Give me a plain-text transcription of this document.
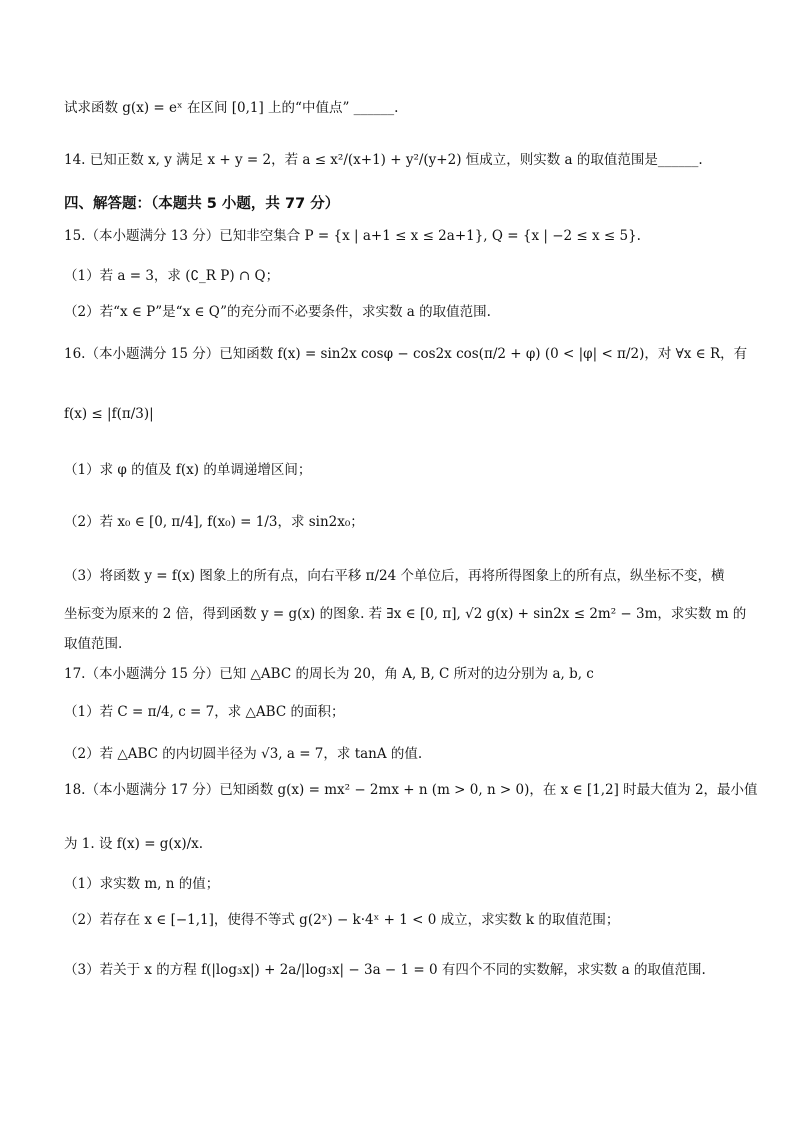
试求函数 g(x) = eˣ 在区间 [0,1] 上的“中值点” ______.
14. 已知正数 x, y 满足 x + y = 2，若 a ≤ x²/(x+1) + y²/(y+2) 恒成立，则实数 a 的取值范围是______.
四、解答题：（本题共 5 小题，共 77 分）
15.（本小题满分 13 分）已知非空集合 P = {x | a+1 ≤ x ≤ 2a+1}, Q = {x | −2 ≤ x ≤ 5}.
（1）若 a = 3，求 (∁_R P) ∩ Q；
（2）若“x ∈ P”是“x ∈ Q”的充分而不必要条件，求实数 a 的取值范围.
16.（本小题满分 15 分）已知函数 f(x) = sin2x cosφ − cos2x cos(π/2 + φ) (0 < |φ| < π/2)，对 ∀x ∈ R，有
f(x) ≤ |f(π/3)|
（1）求 φ 的值及 f(x) 的单调递增区间；
（2）若 x₀ ∈ [0, π/4], f(x₀) = 1/3，求 sin2x₀；
（3）将函数 y = f(x) 图象上的所有点，向右平移 π/24 个单位后，再将所得图象上的所有点，纵坐标不变，横
坐标变为原来的 2 倍，得到函数 y = g(x) 的图象. 若 ∃x ∈ [0, π], √2 g(x) + sin2x ≤ 2m² − 3m，求实数 m 的
取值范围.
17.（本小题满分 15 分）已知 △ABC 的周长为 20，角 A, B, C 所对的边分别为 a, b, c
（1）若 C = π/4, c = 7，求 △ABC 的面积；
（2）若 △ABC 的内切圆半径为 √3, a = 7，求 tanA 的值.
18.（本小题满分 17 分）已知函数 g(x) = mx² − 2mx + n (m > 0, n > 0)，在 x ∈ [1,2] 时最大值为 2，最小值
为 1. 设 f(x) = g(x)/x.
（1）求实数 m, n 的值；
（2）若存在 x ∈ [−1,1]，使得不等式 g(2ˣ) − k·4ˣ + 1 < 0 成立，求实数 k 的取值范围；
（3）若关于 x 的方程 f(|log₃x|) + 2a/|log₃x| − 3a − 1 = 0 有四个不同的实数解，求实数 a 的取值范围.
